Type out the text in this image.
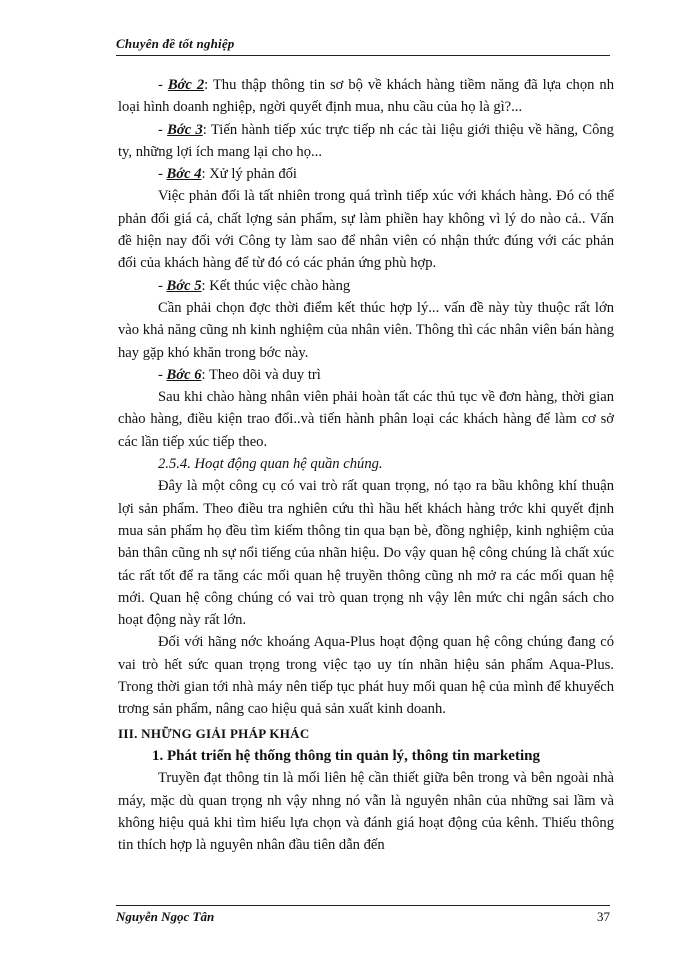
Chuyên đề tốt nghiệp

- Bớc 2: Thu thập thông tin sơ bộ về khách hàng tiềm năng đã lựa chọn nh loại hình doanh nghiệp, ngời quyết định mua, nhu cầu của họ là gì?...

- Bớc 3: Tiến hành tiếp xúc trực tiếp nh các tài liệu giới thiệu về hãng, Công ty, những lợi ích mang lại cho họ...

- Bớc 4: Xử lý phản đối

Việc phản đối là tất nhiên trong quá trình tiếp xúc với khách hàng. Đó có thể phản đối giá cả, chất lợng sản phẩm, sự làm phiền hay không vì lý do nào cả.. Vấn đề hiện nay đối với Công ty làm sao để nhân viên có nhận thức đúng với các phản đối của khách hàng để từ đó có các phản ứng phù hợp.

- Bớc 5: Kết thúc việc chào hàng

Cần phải chọn đợc thời điểm kết thúc hợp lý... vấn đề này tùy thuộc rất lớn vào khả năng cũng nh kinh nghiệm của nhân viên. Thông thì các nhân viên bán hàng hay gặp khó khăn trong bớc này.

- Bớc 6: Theo dõi và duy trì

Sau khi chào hàng nhân viên phải hoàn tất các thủ tục về đơn hàng, thời gian chào hàng, điều kiện trao đổi..và tiến hành phân loại các khách hàng để làm cơ sở các lần tiếp xúc tiếp theo.

2.5.4. Hoạt động quan hệ quần chúng.

Đây là một công cụ có vai trò rất quan trọng, nó tạo ra bầu không khí thuận lợi sản phẩm. Theo điều tra nghiên cứu thì hầu hết khách hàng trớc khi quyết định mua sản phẩm họ đều tìm kiếm thông tin qua bạn bè, đồng nghiệp, kinh nghiệm của bản thân cũng nh sự nổi tiếng của nhãn hiệu. Do vậy quan hệ công chúng là chất xúc tác rất tốt để ra tăng các mối quan hệ truyền thông cũng nh mở ra các mối quan hệ mới. Quan hệ công chúng có vai trò quan trọng nh vậy lên mức chi ngân sách cho hoạt động này rất lớn.

Đối với hãng nớc khoáng Aqua-Plus hoạt động quan hệ công chúng đang có vai trò hết sức quan trọng trong việc tạo uy tín nhãn hiệu sản phẩm Aqua-Plus. Trong thời gian tới nhà máy nên tiếp tục phát huy mối quan hệ của mình để khuyếch trơng sản phẩm, nâng cao hiệu quả sản xuất kinh doanh.

III. NHỮNG GIẢI PHÁP KHÁC

1. Phát triển hệ thống thông tin quản lý, thông tin marketing

Truyền đạt thông tin là mối liên hệ cần thiết giữa bên trong và bên ngoài nhà máy, mặc dù quan trọng nh vậy nhng nó vẫn là nguyên nhân của những sai lầm và không hiệu quả khi tìm hiểu lựa chọn và đánh giá hoạt động của kênh. Thiếu thông tin thích hợp là nguyên nhân đầu tiên dẫn đến

Nguyễn Ngọc Tân	37
